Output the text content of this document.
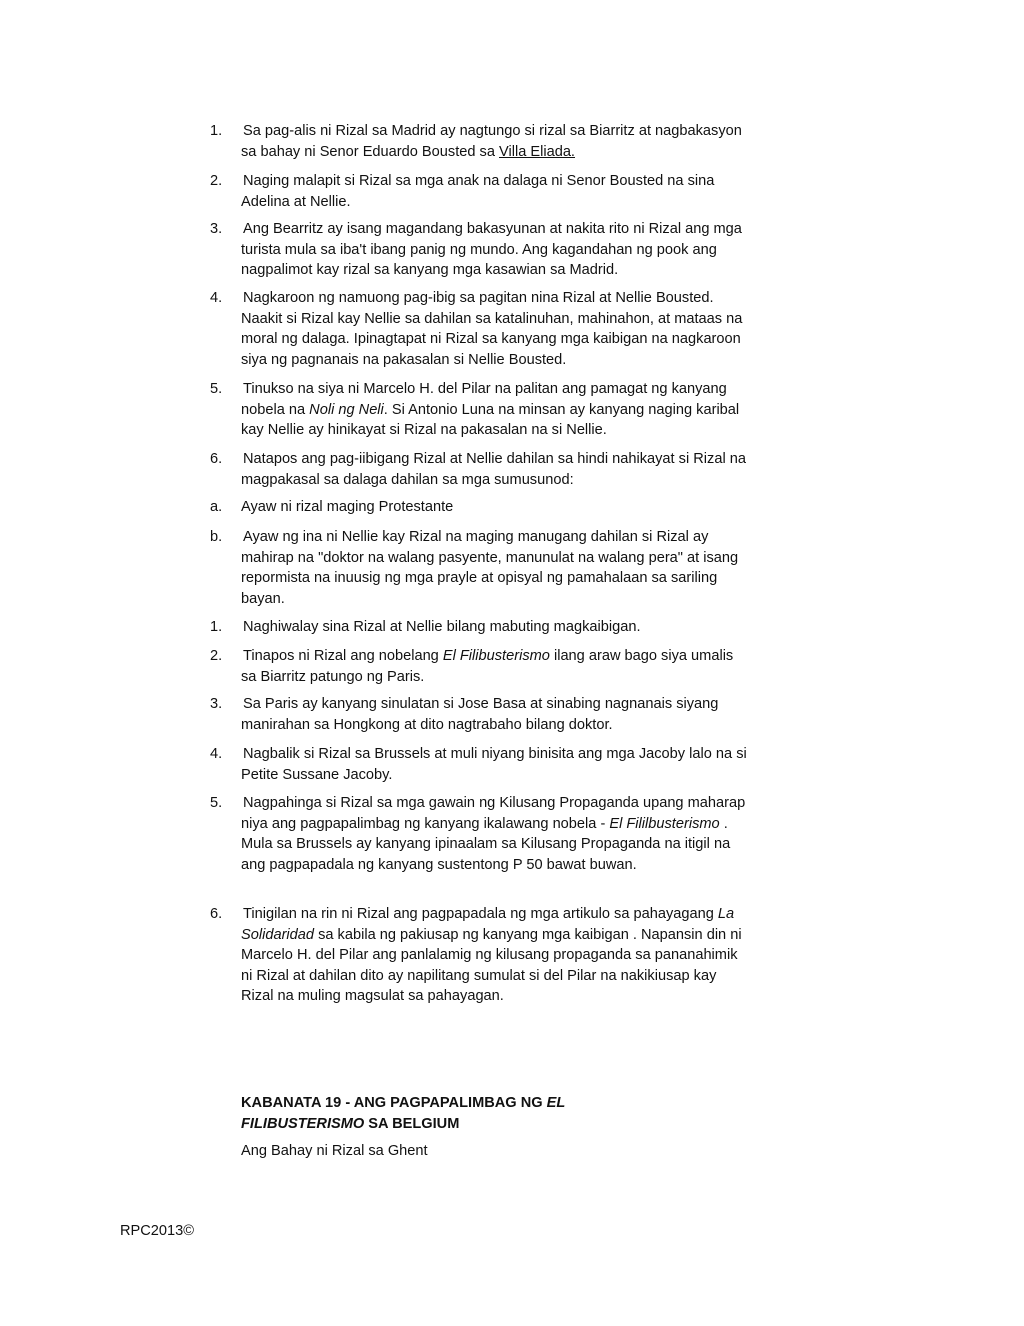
1. Sa pag-alis ni Rizal sa Madrid ay nagtungo si rizal sa Biarritz at nagbakasyon sa bahay ni Senor Eduardo Bousted sa Villa Eliada.
2. Naging malapit si Rizal sa mga anak na dalaga ni Senor Bousted na sina Adelina at Nellie.
3. Ang Bearritz ay isang magandang bakasyunan at nakita rito ni Rizal ang mga turista mula sa iba't ibang panig ng mundo. Ang kagandahan ng pook ang nagpalimot kay rizal sa kanyang mga kasawian sa Madrid.
4. Nagkaroon ng namuong pag-ibig sa pagitan nina Rizal at Nellie Bousted. Naakit si Rizal kay Nellie sa dahilan sa katalinuhan, mahinahon, at mataas na moral ng dalaga. Ipinagtapat ni Rizal sa kanyang mga kaibigan na nagkaroon siya ng pagnanais na pakasalan si Nellie Bousted.
5. Tinukso na siya ni Marcelo H. del Pilar na palitan ang pamagat ng kanyang nobela na Noli ng Neli. Si Antonio Luna na minsan ay kanyang naging karibal kay Nellie ay hinikayat si Rizal na pakasalan na si Nellie.
6. Natapos ang pag-iibigang Rizal at Nellie dahilan sa hindi nahikayat si Rizal na magpakasal sa dalaga dahilan sa mga sumusunod:
a. Ayaw ni rizal maging Protestante
b. Ayaw ng ina ni Nellie kay Rizal na maging manugang dahilan si Rizal ay mahirap na "doktor na walang pasyente, manunulat na walang pera" at isang repormista na inuusig ng mga prayle at opisyal ng pamahalaan sa sariling bayan.
1. Naghiwalay sina Rizal at Nellie bilang mabuting magkaibigan.
2. Tinapos ni Rizal ang nobelang El Filibusterismo ilang araw bago siya umalis sa Biarritz patungo ng Paris.
3. Sa Paris ay kanyang sinulatan si Jose Basa at sinabing nagnanais siyang manirahan sa Hongkong at dito nagtrabaho bilang doktor.
4. Nagbalik si Rizal sa Brussels at muli niyang binisita ang mga Jacoby lalo na si Petite Sussane Jacoby.
5. Nagpahinga si Rizal sa mga gawain ng Kilusang Propaganda upang maharap niya ang pagpapalimbag ng kanyang ikalawang nobela - El Fililbusterismo . Mula sa Brussels ay kanyang ipinaalam sa Kilusang Propaganda na itigil na ang pagpapadala ng kanyang sustentong P 50 bawat buwan.
6. Tinigilan na rin ni Rizal ang pagpapadala ng mga artikulo sa pahayagang La Solidaridad sa kabila ng pakiusap ng kanyang mga kaibigan . Napansin din ni Marcelo H. del Pilar ang panlalamig ng kilusang propaganda sa pananahimik ni Rizal at dahilan dito ay napilitang sumulat si del Pilar na nakikiusap kay Rizal na muling magsulat sa pahayagan.
KABANATA 19 - ANG PAGPAPALIMBAG NG EL FILIBUSTERISMO SA BELGIUM
Ang Bahay ni Rizal sa Ghent
RPC2013©
